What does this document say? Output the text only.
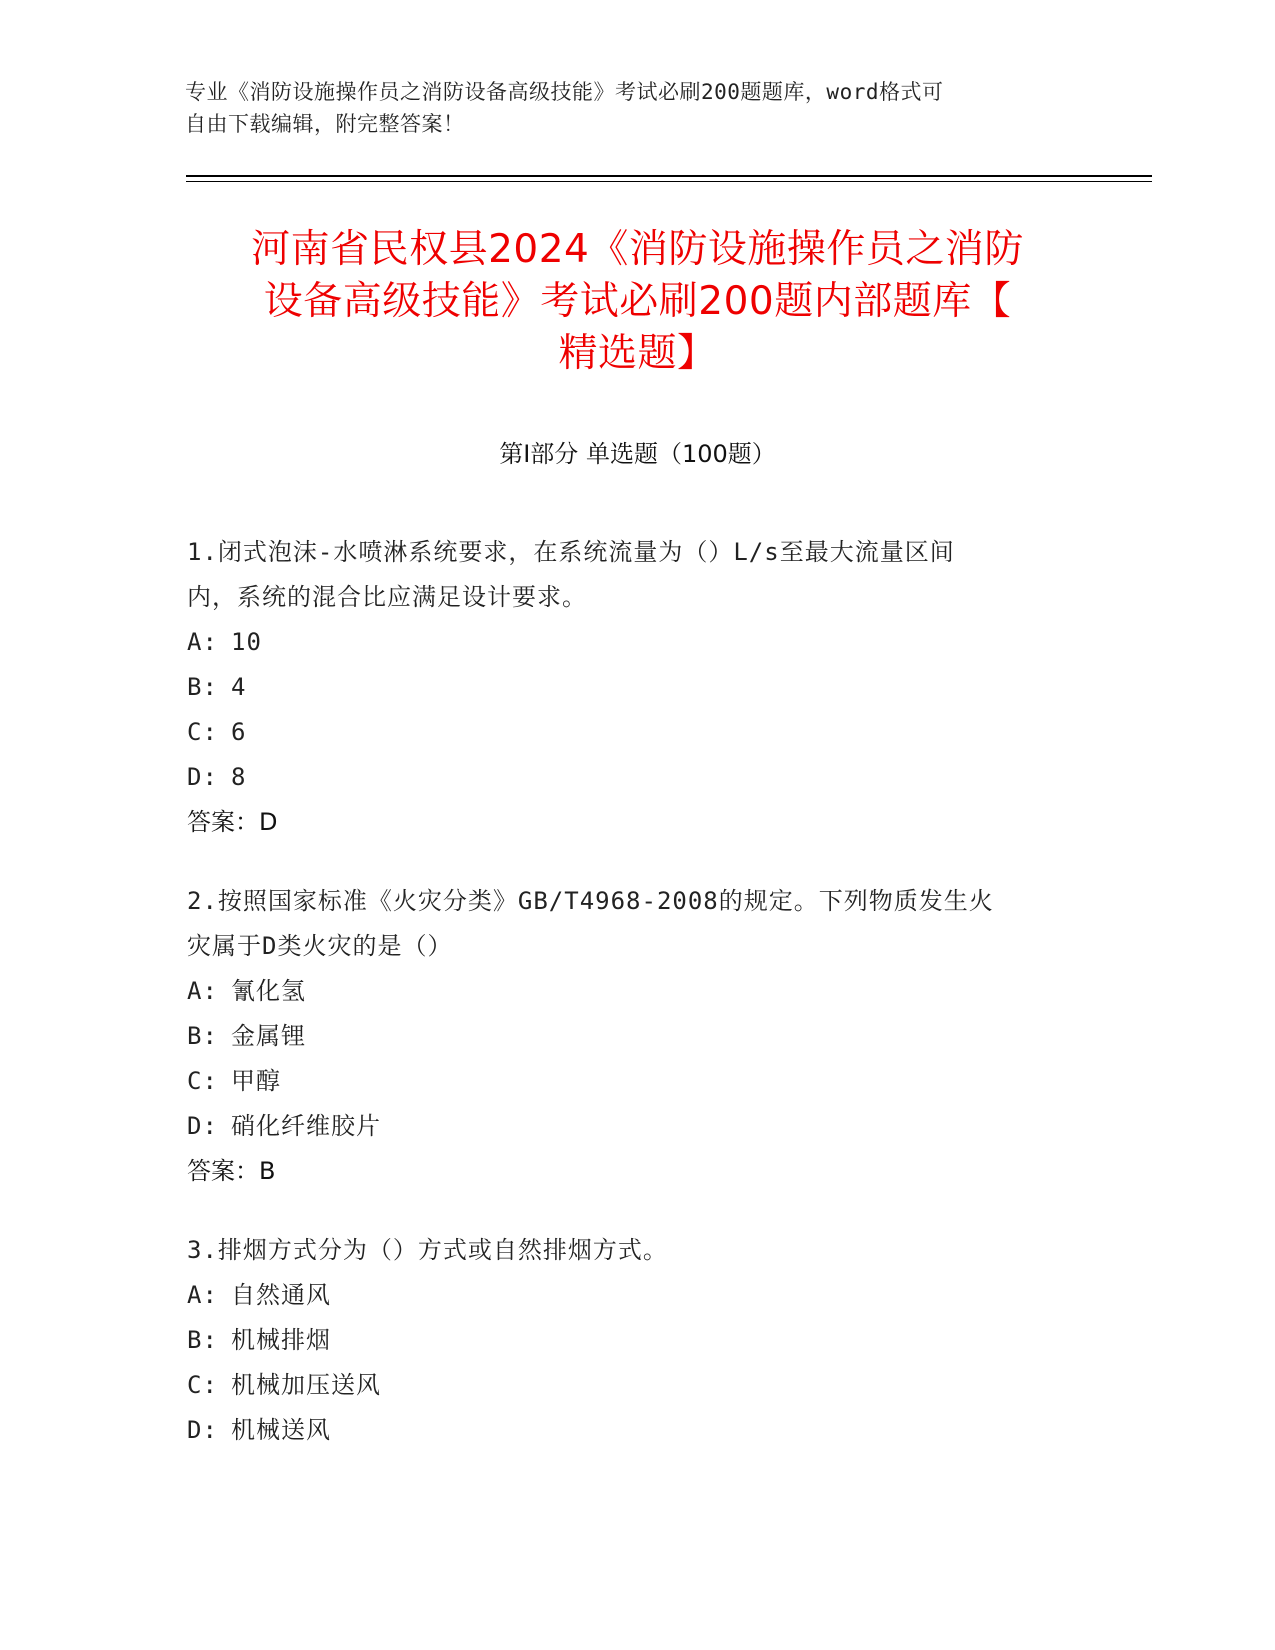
专业《消防设施操作员之消防设备高级技能》考试必刷200题题库，word格式可
自由下载编辑，附完整答案！
河南省民权县2024《消防设施操作员之消防
设备高级技能》考试必刷200题内部题库【
精选题】
第Ⅰ部分 单选题（100题）
1.闭式泡沫-水喷淋系统要求，在系统流量为（）L/s至最大流量区间
内，系统的混合比应满足设计要求。
A: 10
B: 4
C: 6
D: 8
答案：D
2.按照国家标准《火灾分类》GB/T4968-2008的规定。下列物质发生火
灾属于D类火灾的是（）
A: 氰化氢
B: 金属锂
C: 甲醇
D: 硝化纤维胶片
答案：B
3.排烟方式分为（）方式或自然排烟方式。
A: 自然通风
B: 机械排烟
C: 机械加压送风
D: 机械送风
